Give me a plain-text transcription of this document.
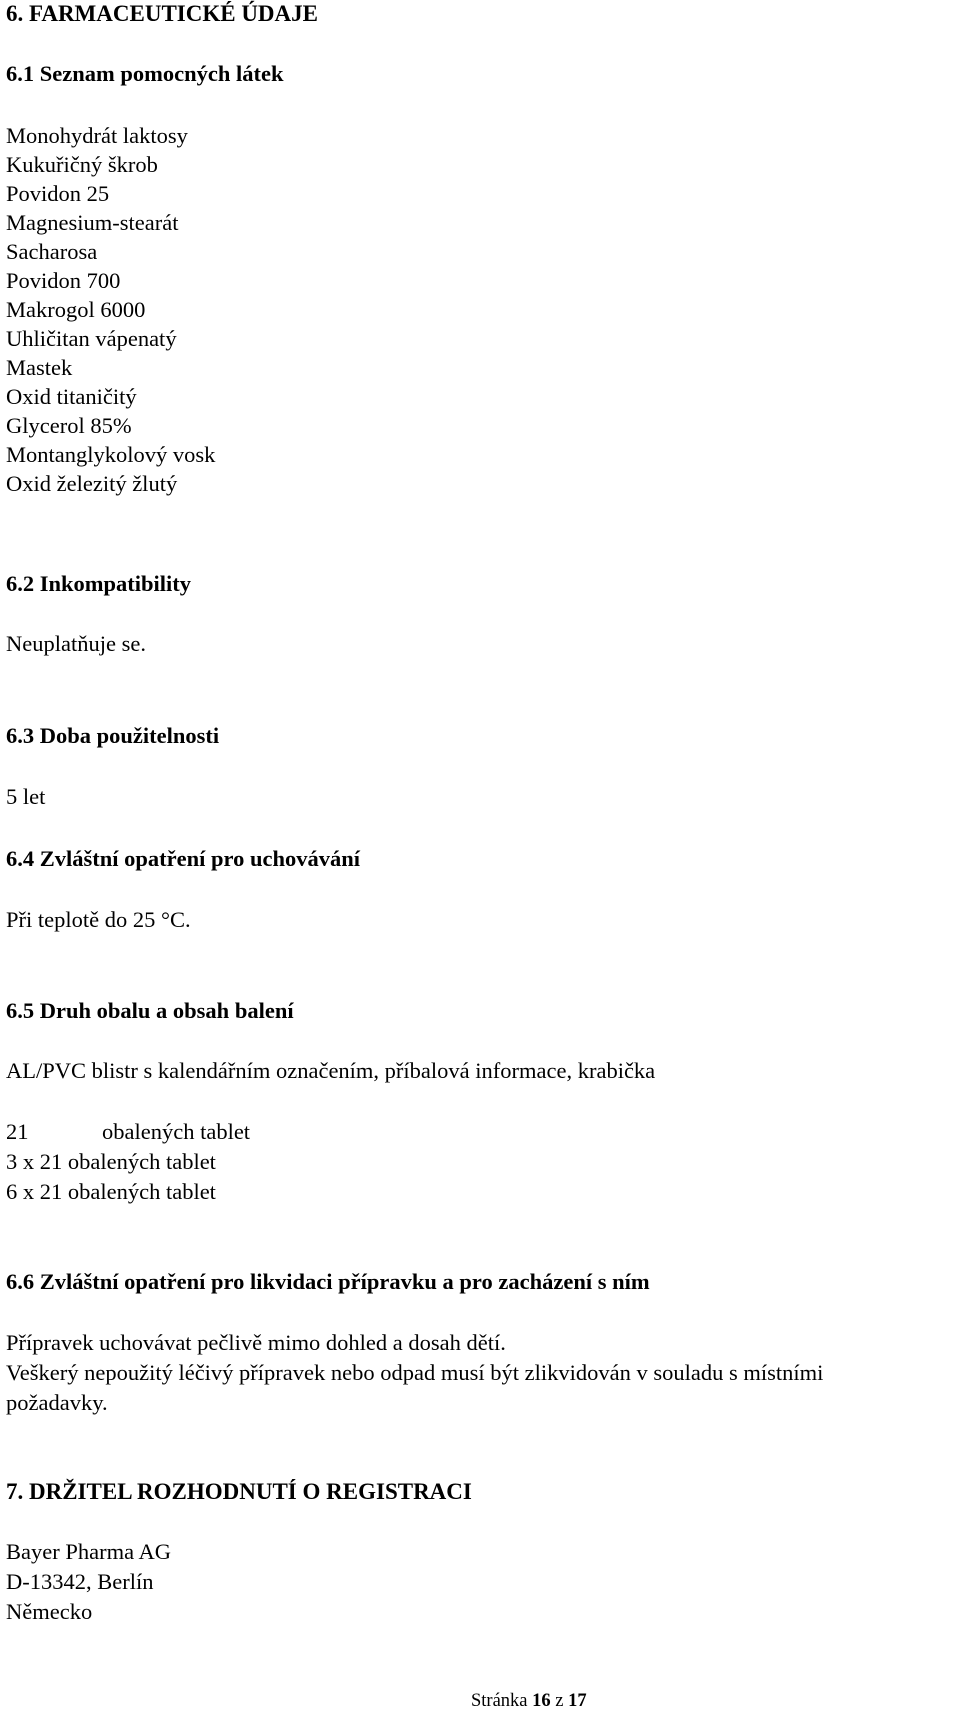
6. FARMACEUTICKÉ ÚDAJE
6.1 Seznam pomocných látek
Monohydrát laktosy
Kukuřičný škrob
Povidon 25
Magnesium-stearát
Sacharosa
Povidon 700
Makrogol 6000
Uhličitan vápenatý
Mastek
Oxid titaničitý
Glycerol 85%
Montanglykolový vosk
Oxid železitý žlutý
6.2 Inkompatibility
Neuplatňuje se.
6.3 Doba použitelnosti
5 let
6.4 Zvláštní opatření pro uchovávání
Při teplotě do 25 °C.
6.5 Druh obalu a obsah balení
AL/PVC blistr s kalendářním označením, příbalová informace, krabička
21	obalených tablet
3 x 21 obalených tablet
6 x 21 obalených tablet
6.6 Zvláštní opatření pro likvidaci přípravku a pro zacházení s ním
Přípravek uchovávat pečlivě mimo dohled a dosah dětí.
Veškerý nepoužitý léčivý přípravek nebo odpad musí být zlikvidován v souladu s místními
požadavky.
7. DRŽITEL ROZHODNUTÍ O REGISTRACI
Bayer Pharma AG
D-13342, Berlín
Německo
Stránka 16 z 17
